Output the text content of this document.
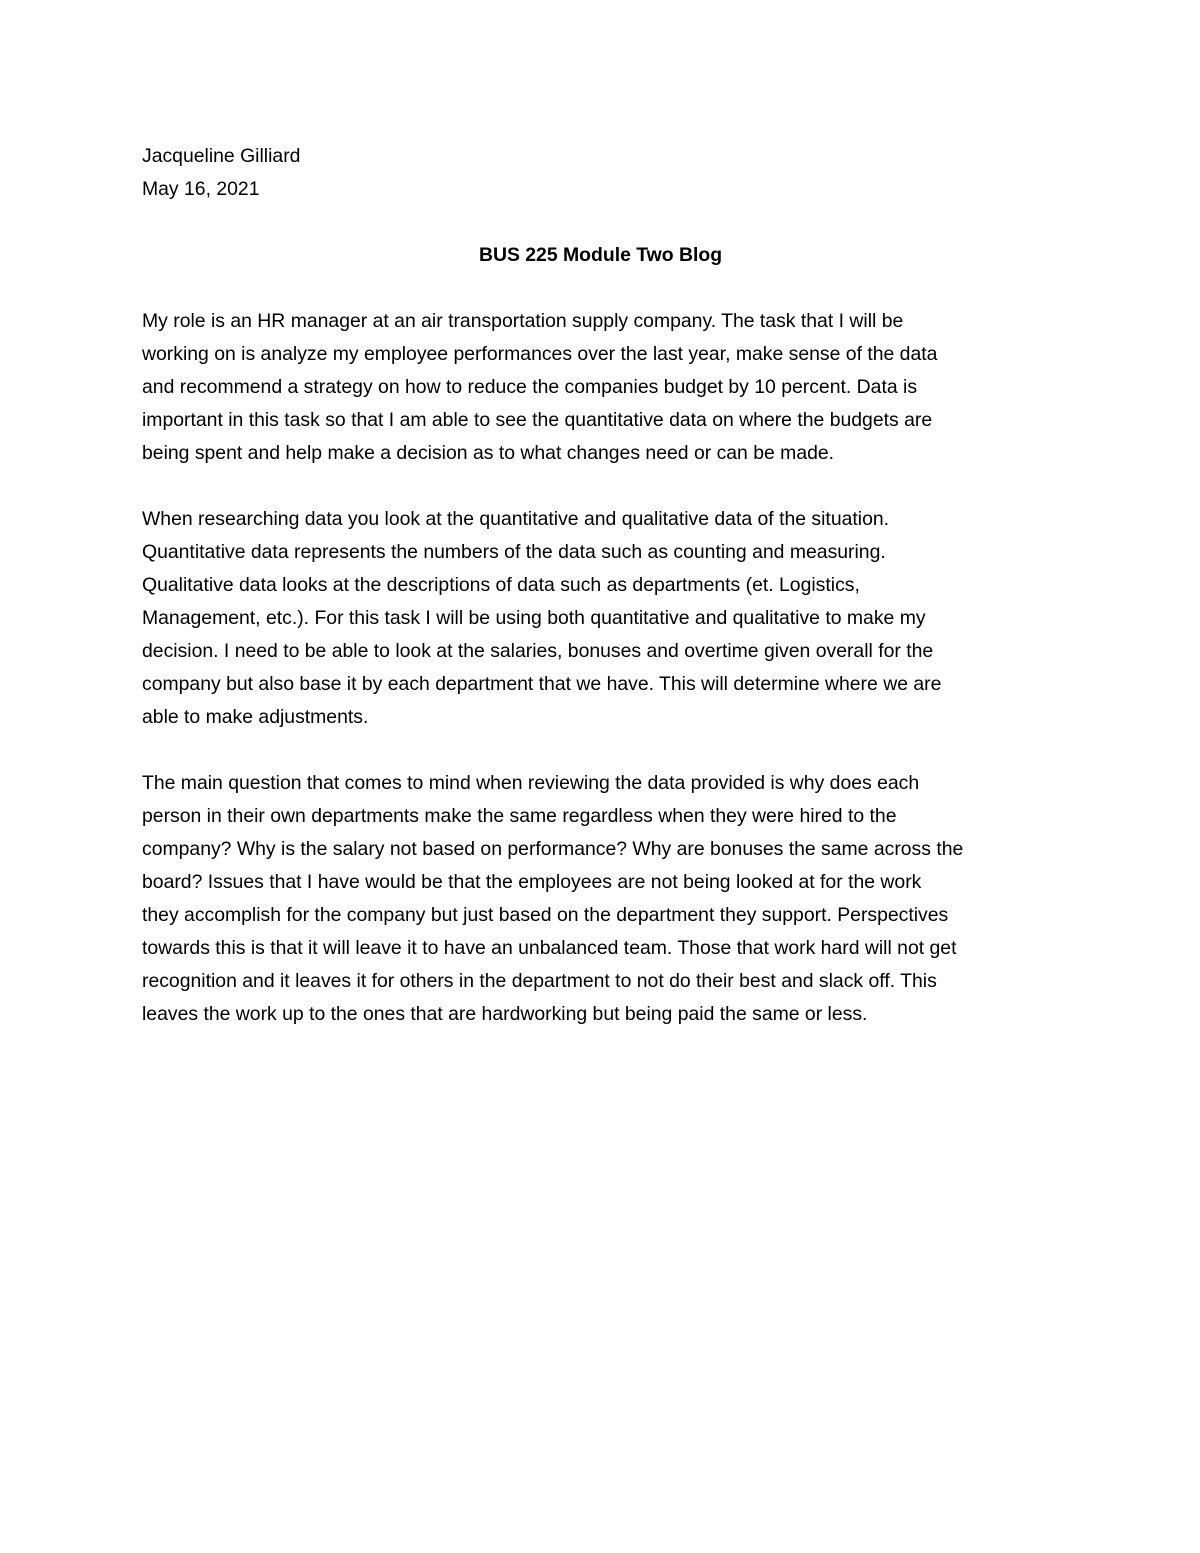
Jacqueline Gilliard
May 16, 2021
BUS 225 Module Two Blog
My role is an HR manager at an air transportation supply company. The task that I will be
working on is analyze my employee performances over the last year, make sense of the data
and recommend a strategy on how to reduce the companies budget by 10 percent. Data is
important in this task so that I am able to see the quantitative data on where the budgets are
being spent and help make a decision as to what changes need or can be made.
When researching data you look at the quantitative and qualitative data of the situation.
Quantitative data represents the numbers of the data such as counting and measuring.
Qualitative data looks at the descriptions of data such as departments (et. Logistics,
Management, etc.). For this task I will be using both quantitative and qualitative to make my
decision. I need to be able to look at the salaries, bonuses and overtime given overall for the
company but also base it by each department that we have. This will determine where we are
able to make adjustments.
The main question that comes to mind when reviewing the data provided is why does each
person in their own departments make the same regardless when they were hired to the
company? Why is the salary not based on performance? Why are bonuses the same across the
board? Issues that I have would be that the employees are not being looked at for the work
they accomplish for the company but just based on the department they support. Perspectives
towards this is that it will leave it to have an unbalanced team. Those that work hard will not get
recognition and it leaves it for others in the department to not do their best and slack off. This
leaves the work up to the ones that are hardworking but being paid the same or less.
